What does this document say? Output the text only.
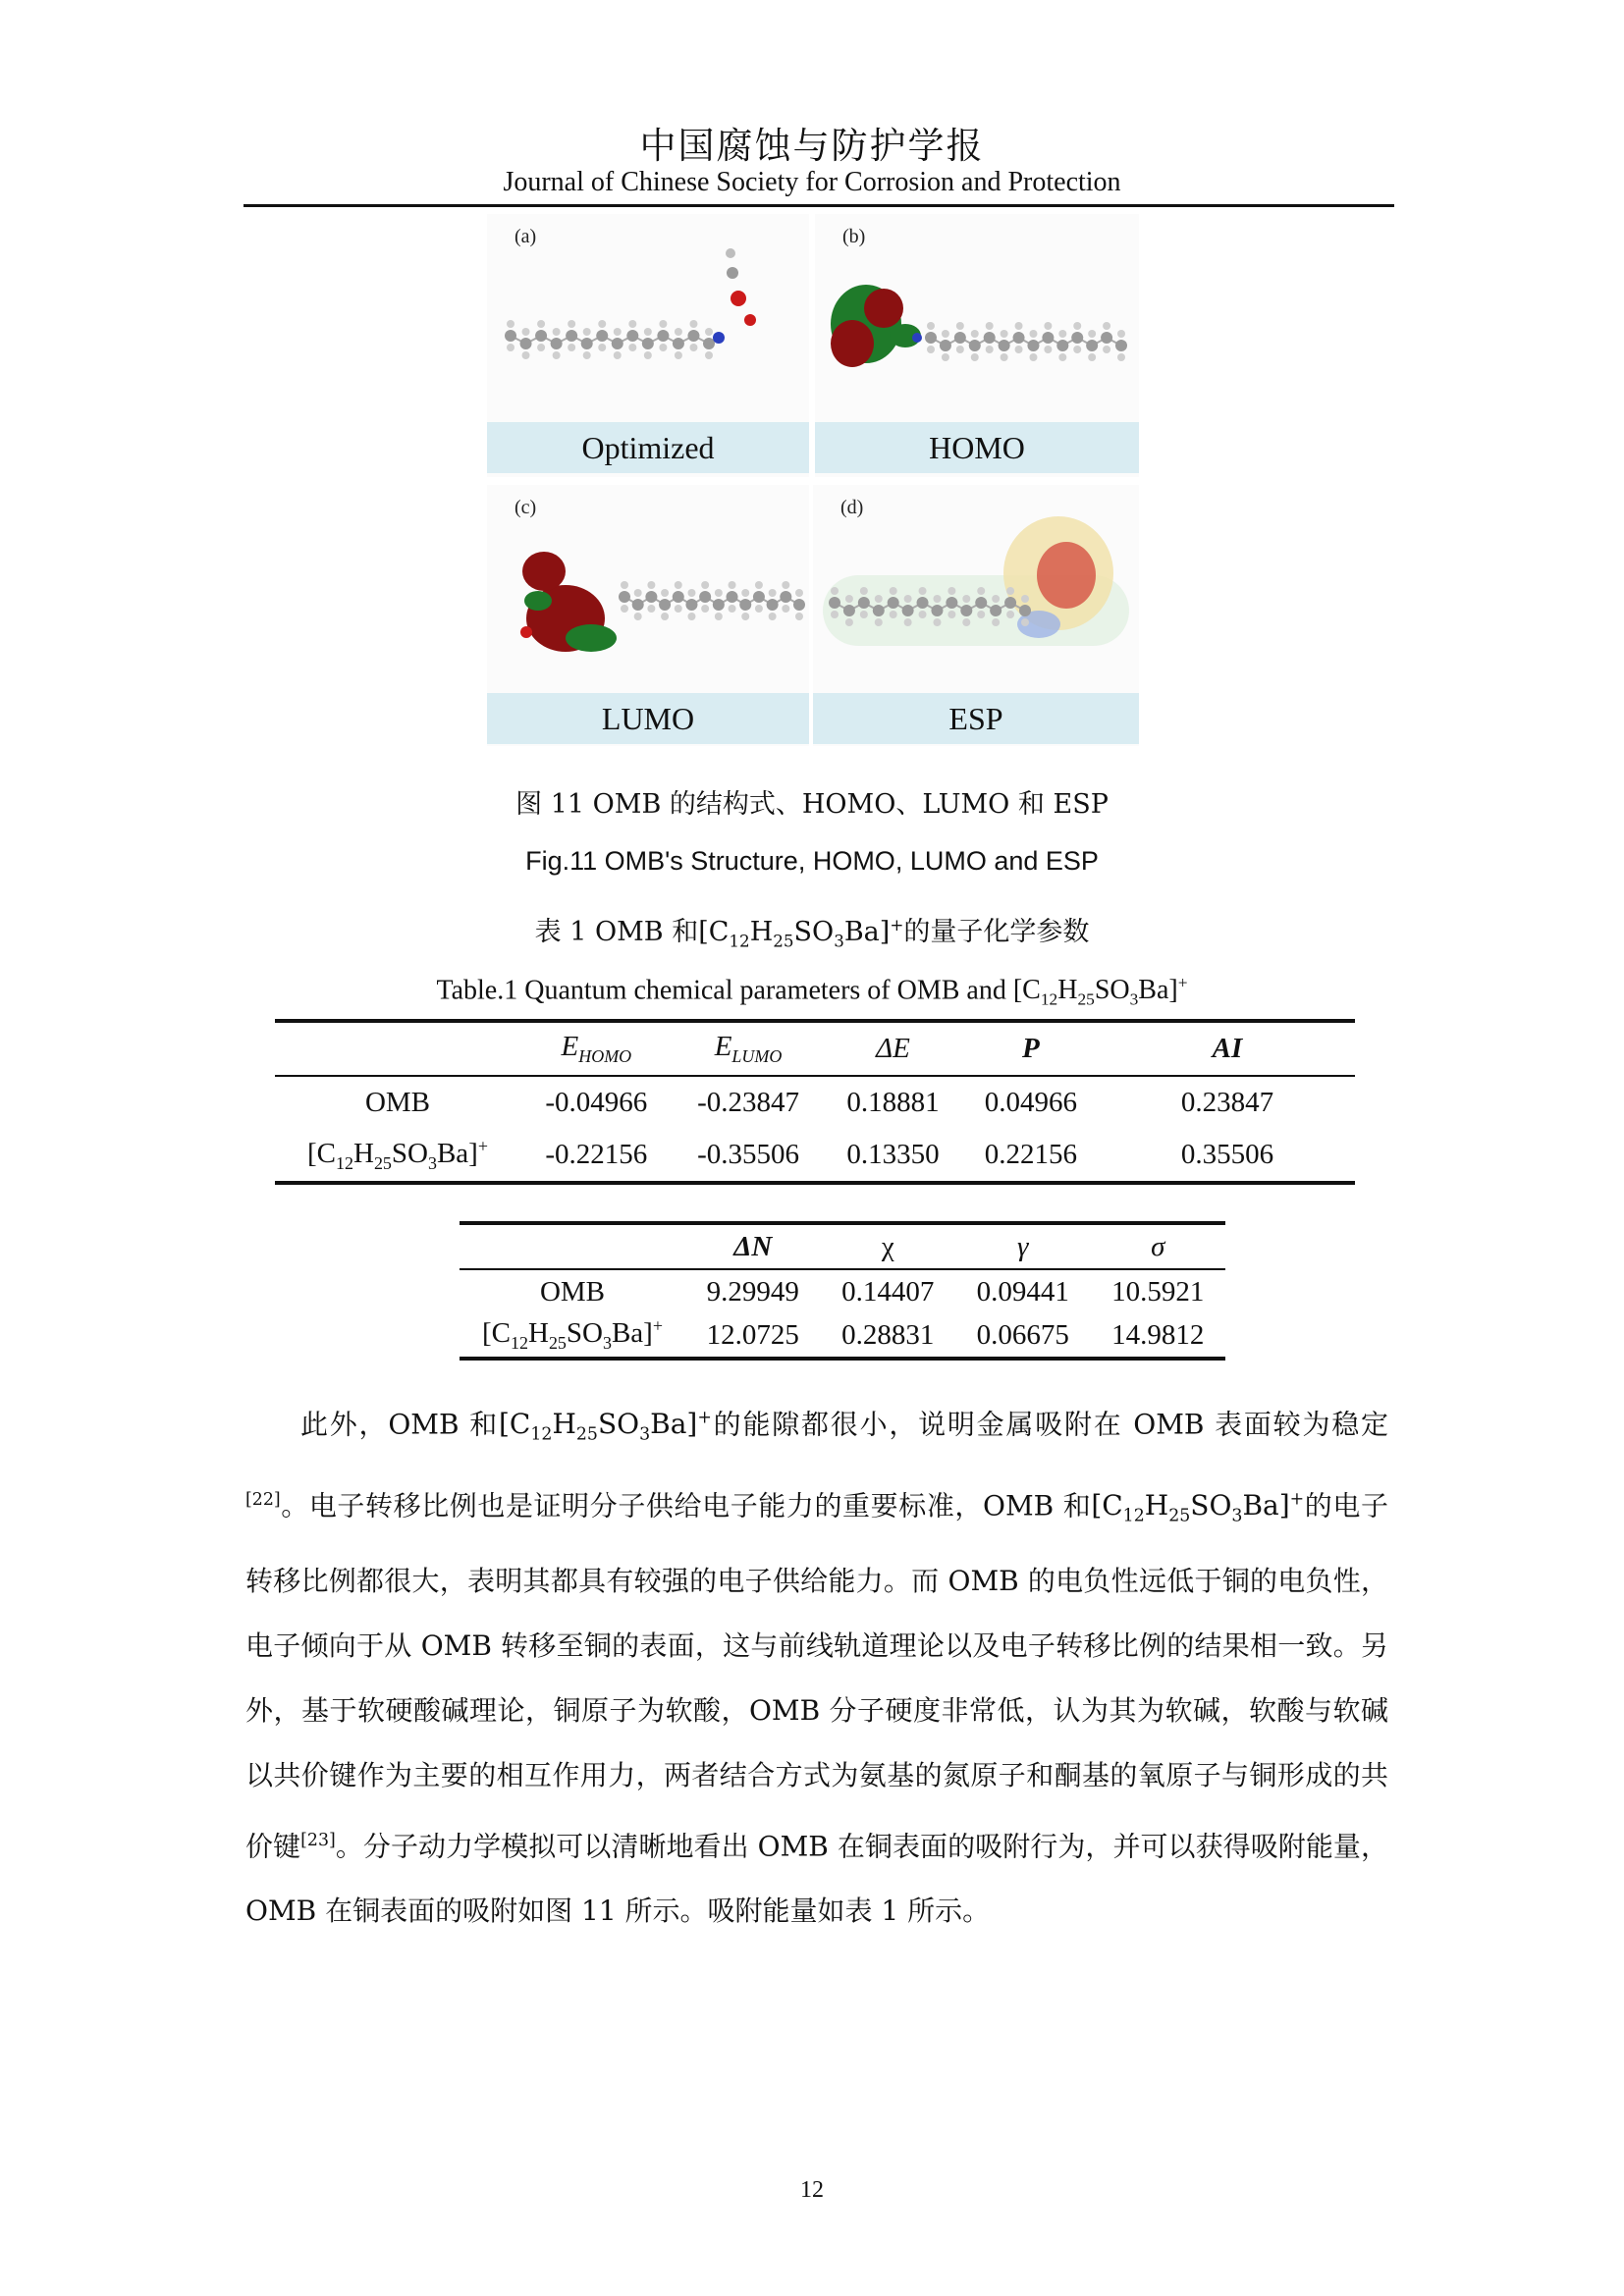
中国腐蚀与防护学报
Journal of Chinese Society for Corrosion and Protection
(a)
Optimized
(b)
HOMO
(c)
LUMO
(d)
ESP
图 11 OMB 的结构式、HOMO、LUMO 和 ESP
Fig.11 OMB's Structure, HOMO, LUMO and ESP
表 1 OMB 和$[C_{12}H_{25}SO_3Ba]^+$的量子化学参数
Table.1 Quantum chemical parameters of OMB and $[C_{12}H_{25}SO_3Ba]^+$
	$E_{HOMO}$	$E_{LUMO}$	ΔE	P	AI
OMB	-0.04966	-0.23847	0.18881	0.04966	0.23847
$[C_{12}H_{25}SO_3Ba]^+$	-0.22156	-0.35506	0.13350	0.22156	0.35506
	ΔN	χ	γ	σ
OMB	9.29949	0.14407	0.09441	10.5921
$[C_{12}H_{25}SO_3Ba]^+$	12.0725	0.28831	0.06675	14.9812
此外，OMB 和$[C_{12}H_{25}SO_3Ba]^+$的能隙都很小，说明金属吸附在 OMB 表面较为稳定[22]。电子转移比例也是证明分子供给电子能力的重要标准，OMB 和$[C_{12}H_{25}SO_3Ba]^+$的电子转移比例都很大，表明其都具有较强的电子供给能力。而 OMB 的电负性远低于铜的电负性，电子倾向于从 OMB 转移至铜的表面，这与前线轨道理论以及电子转移比例的结果相一致。另外，基于软硬酸碱理论，铜原子为软酸，OMB 分子硬度非常低，认为其为软碱，软酸与软碱以共价键作为主要的相互作用力，两者结合方式为氨基的氮原子和酮基的氧原子与铜形成的共价键[23]。分子动力学模拟可以清晰地看出 OMB 在铜表面的吸附行为，并可以获得吸附能量，OMB 在铜表面的吸附如图 11 所示。吸附能量如表 1 所示。
12
